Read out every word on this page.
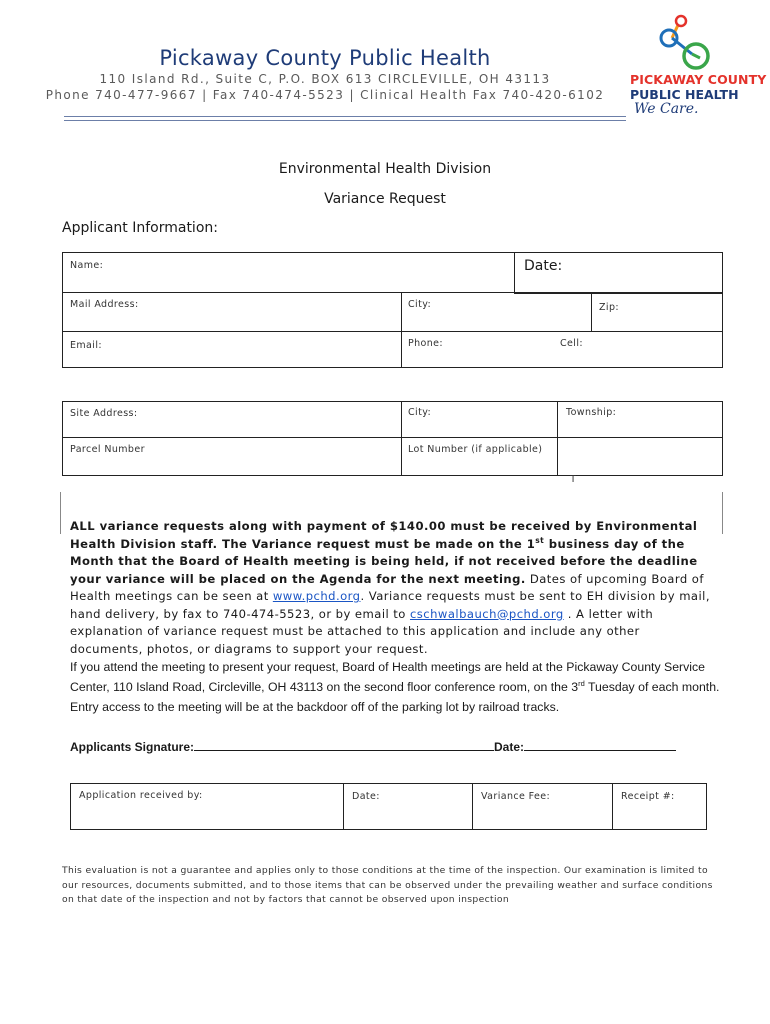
Pickaway County Public Health
110 Island Rd., Suite C, P.O. BOX 613 CIRCLEVILLE, OH 43113
Phone 740-477-9667 | Fax 740-474-5523 | Clinical Health Fax 740-420-6102
PICKAWAY COUNTY
PUBLIC HEALTH
We Care.
Environmental Health Division
Variance Request
Applicant Information:
Name:	Date:
Mail Address:	City:	Zip:
Email:	Phone:	Cell:
Site Address:	City:	Township:
Parcel Number	Lot Number (if applicable)
T
ALL variance requests along with payment of $140.00 must be received by Environmental Health Division staff. The Variance request must be made on the 1st business day of the Month that the Board of Health meeting is being held, if not received before the deadline your variance will be placed on the Agenda for the next meeting. Dates of upcoming Board of Health meetings can be seen at www.pchd.org. Variance requests must be sent to EH division by mail, hand delivery, by fax to 740-474-5523, or by email to cschwalbauch@pchd.org . A letter with explanation of variance request must be attached to this application and include any other documents, photos, or diagrams to support your request.
If you attend the meeting to present your request, Board of Health meetings are held at the Pickaway County Service Center, 110 Island Road, Circleville, OH 43113 on the second floor conference room, on the 3rd Tuesday of each month. Entry access to the meeting will be at the backdoor off of the parking lot by railroad tracks.
Applicants Signature:	Date:
Application received by:	Date:	Variance Fee:	Receipt #:
This evaluation is not a guarantee and applies only to those conditions at the time of the inspection. Our examination is limited to our resources, documents submitted, and to those items that can be observed under the prevailing weather and surface conditions on that date of the inspection and not by factors that cannot be observed upon inspection
